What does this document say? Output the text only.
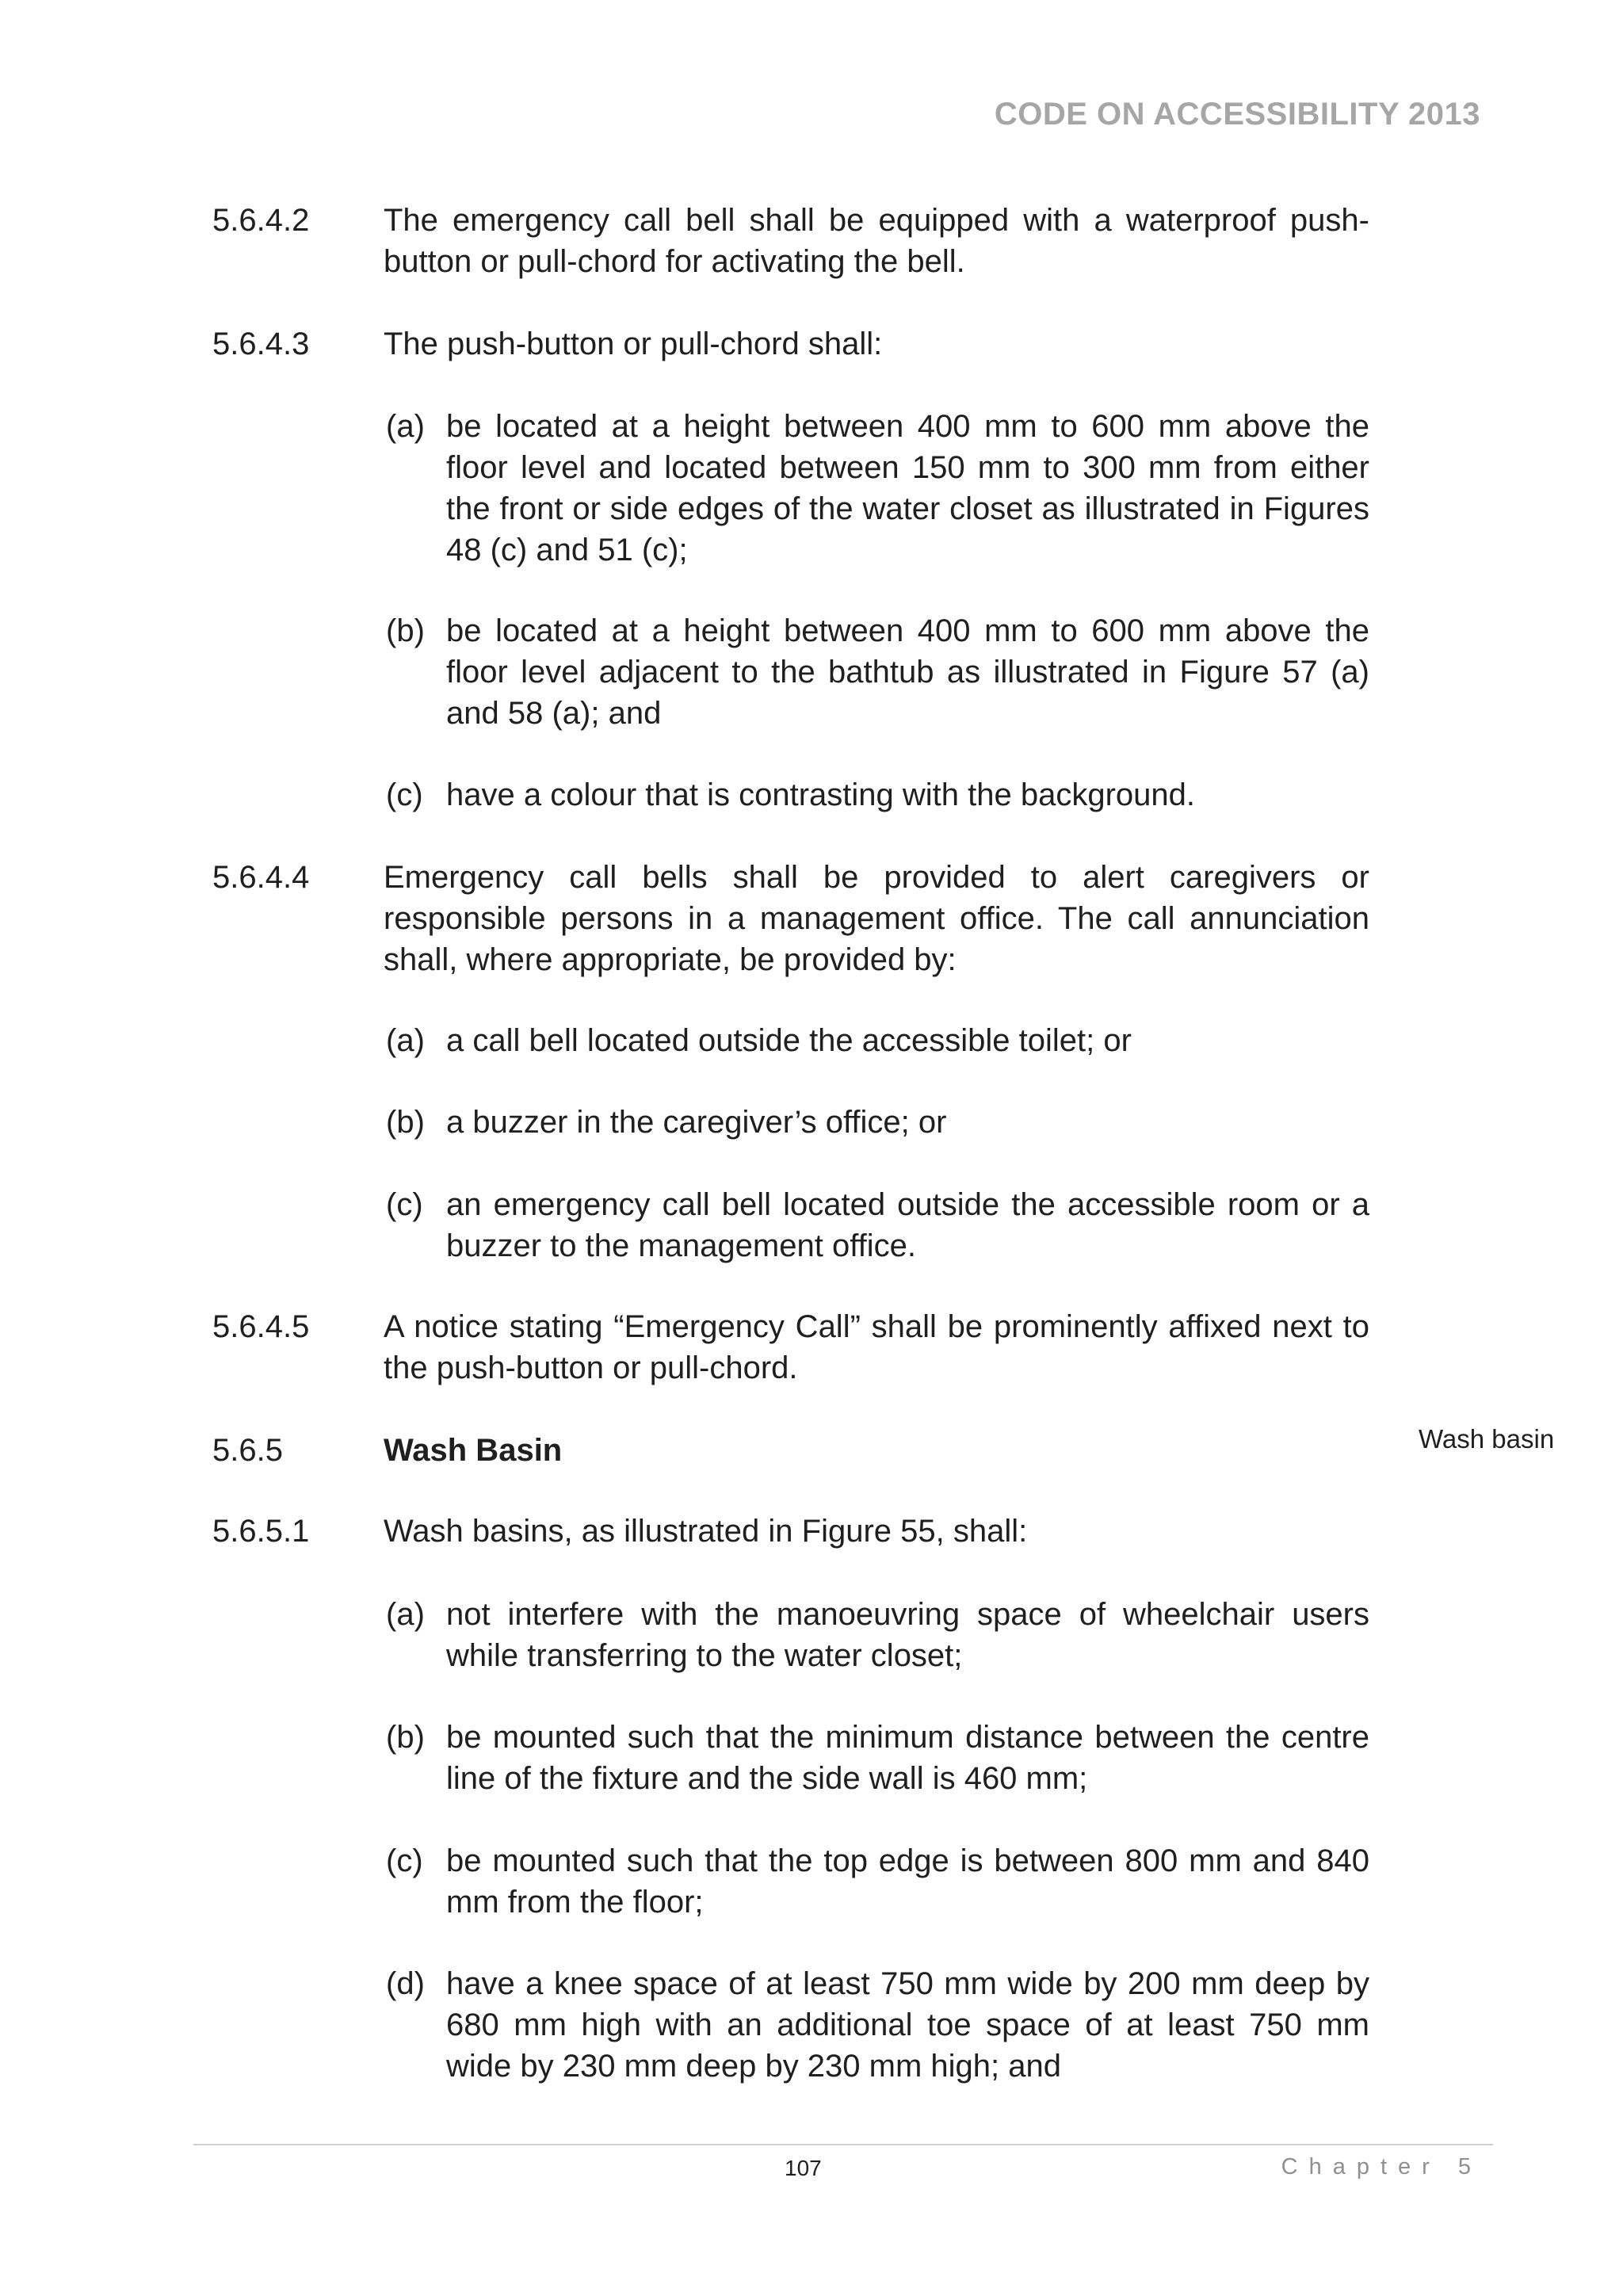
CODE ON ACCESSIBILITY 2013
5.6.4.2	The emergency call bell shall be equipped with a waterproof push-button or pull-chord for activating the bell.
5.6.4.3	The push-button or pull-chord shall:
(a) be located at a height between 400 mm to 600 mm above the floor level and located between 150 mm to 300 mm from either the front or side edges of the water closet as illustrated in Figures 48 (c) and 51 (c);
(b) be located at a height between 400 mm to 600 mm above the floor level adjacent to the bathtub as illustrated in Figure 57 (a) and 58 (a); and
(c) have a colour that is contrasting with the background.
5.6.4.4	Emergency call bells shall be provided to alert caregivers or responsible persons in a management office. The call annunciation shall, where appropriate, be provided by:
(a) a call bell located outside the accessible toilet; or
(b) a buzzer in the caregiver’s office; or
(c) an emergency call bell located outside the accessible room or a buzzer to the management office.
5.6.4.5	A notice stating “Emergency Call” shall be prominently affixed next to the push-button or pull-chord.
5.6.5	Wash Basin	Wash basin
5.6.5.1	Wash basins, as illustrated in Figure 55, shall:
(a) not interfere with the manoeuvring space of wheelchair users while transferring to the water closet;
(b) be mounted such that the minimum distance between the centre line of the fixture and the side wall is 460 mm;
(c) be mounted such that the top edge is between 800 mm and 840 mm from the floor;
(d) have a knee space of at least 750 mm wide by 200 mm deep by 680 mm high with an additional toe space of at least 750 mm wide by 230 mm deep by 230 mm high; and
107	Chapter 5
